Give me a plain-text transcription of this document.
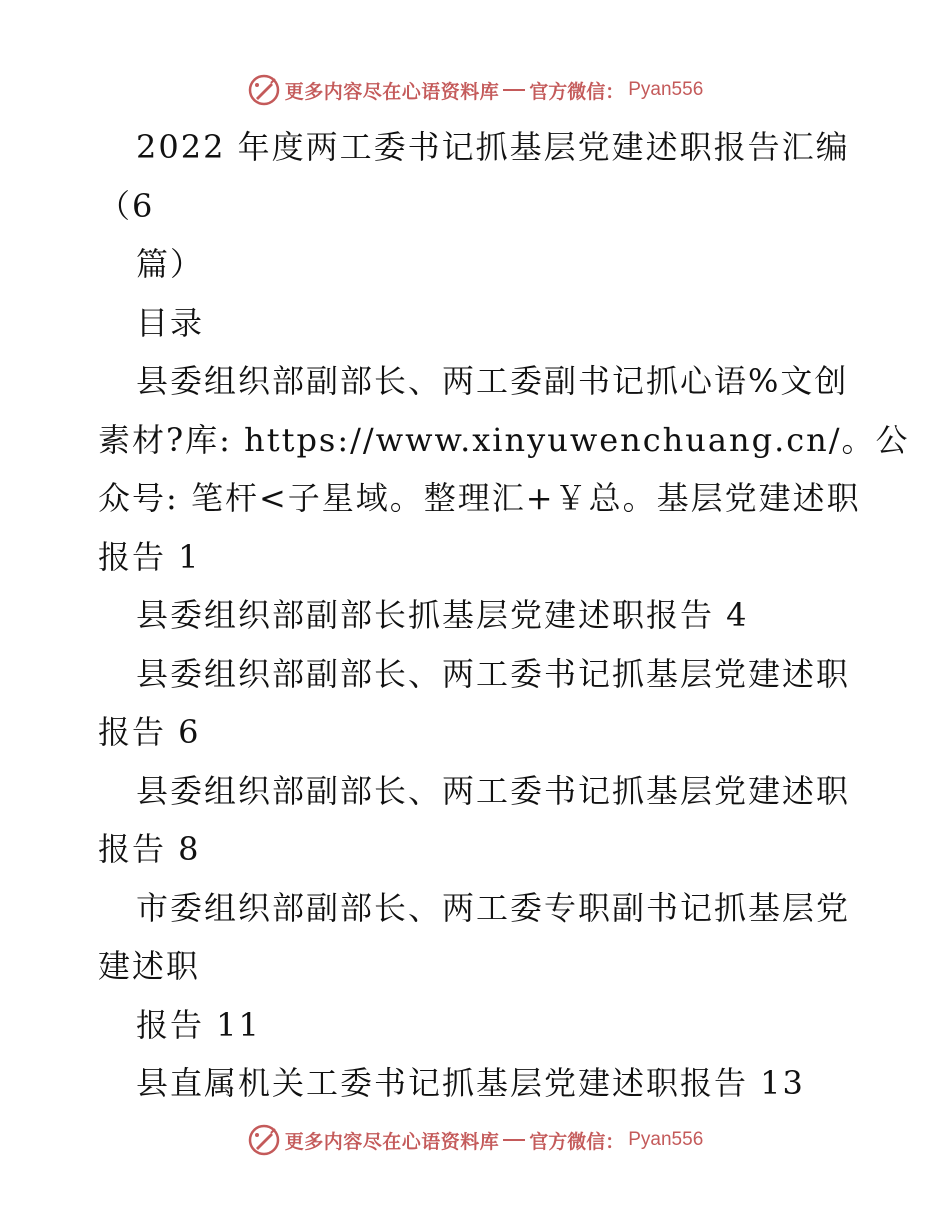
更多内容尽在心语资料库 官方微信： Pyan556
2022 年度两工委书记抓基层党建述职报告汇编
（6
篇）
目录
县委组织部副部长、两工委副书记抓心语%文创
素材?库: https://www.xinyuwenchuang.cn/。公
众号: 笔杆<子星域。整理汇+￥总。基层党建述职
报告 1
县委组织部副部长抓基层党建述职报告 4
县委组织部副部长、两工委书记抓基层党建述职
报告 6
县委组织部副部长、两工委书记抓基层党建述职
报告 8
市委组织部副部长、两工委专职副书记抓基层党
建述职
报告 11
县直属机关工委书记抓基层党建述职报告 13
更多内容尽在心语资料库 官方微信： Pyan556
